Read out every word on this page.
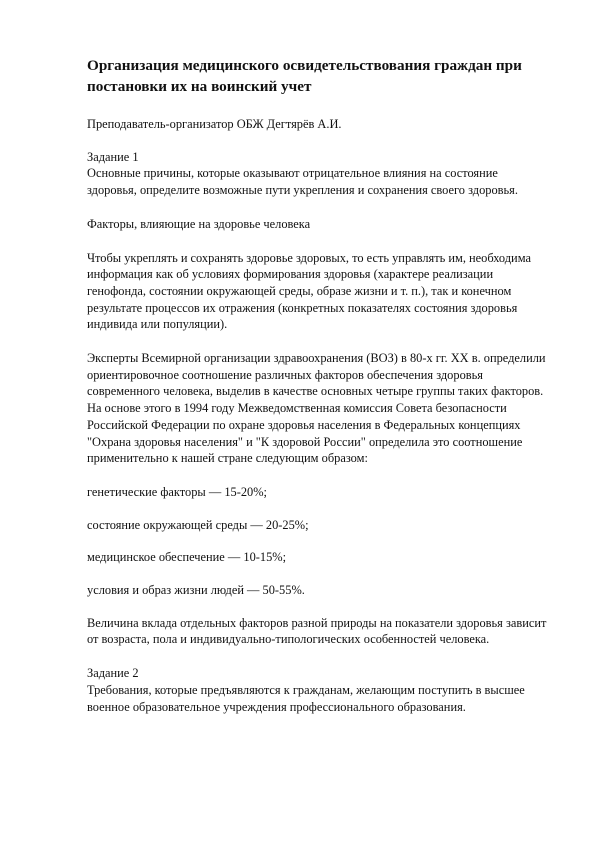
Организация медицинского освидетельствования граждан при постановки их на воинский учет
Преподаватель-организатор ОБЖ Дегтярёв А.И.
Задание 1
Основные причины, которые оказывают отрицательное влияния на состояние здоровья, определите возможные пути укрепления и сохранения своего здоровья.
Факторы, влияющие на здоровье человека
Чтобы укреплять и сохранять здоровье здоровых, то есть управлять им, необходима информация как об условиях формирования здоровья (характере реализации генофонда, состоянии окружающей среды, образе жизни и т. п.), так и конечном результате процессов их отражения (конкретных показателях состояния здоровья индивида или популяции).
Эксперты Всемирной организации здравоохранения (ВОЗ) в 80-х гг. XX в. определили ориентировочное соотношение различных факторов обеспечения здоровья современного человека, выделив в качестве основных четыре группы таких факторов. На основе этого в 1994 году Межведомственная комиссия Совета безопасности Российской Федерации по охране здоровья населения в Федеральных концепциях "Охрана здоровья населения" и "К здоровой России" определила это соотношение применительно к нашей стране следующим образом:
генетические факторы — 15-20%;
состояние окружающей среды — 20-25%;
медицинское обеспечение — 10-15%;
условия и образ жизни людей — 50-55%.
Величина вклада отдельных факторов разной природы на показатели здоровья зависит от возраста, пола и индивидуально-типологических особенностей человека.
Задание 2
Требования, которые предъявляются к гражданам, желающим поступить в высшее военное образовательное учреждения профессионального образования.
